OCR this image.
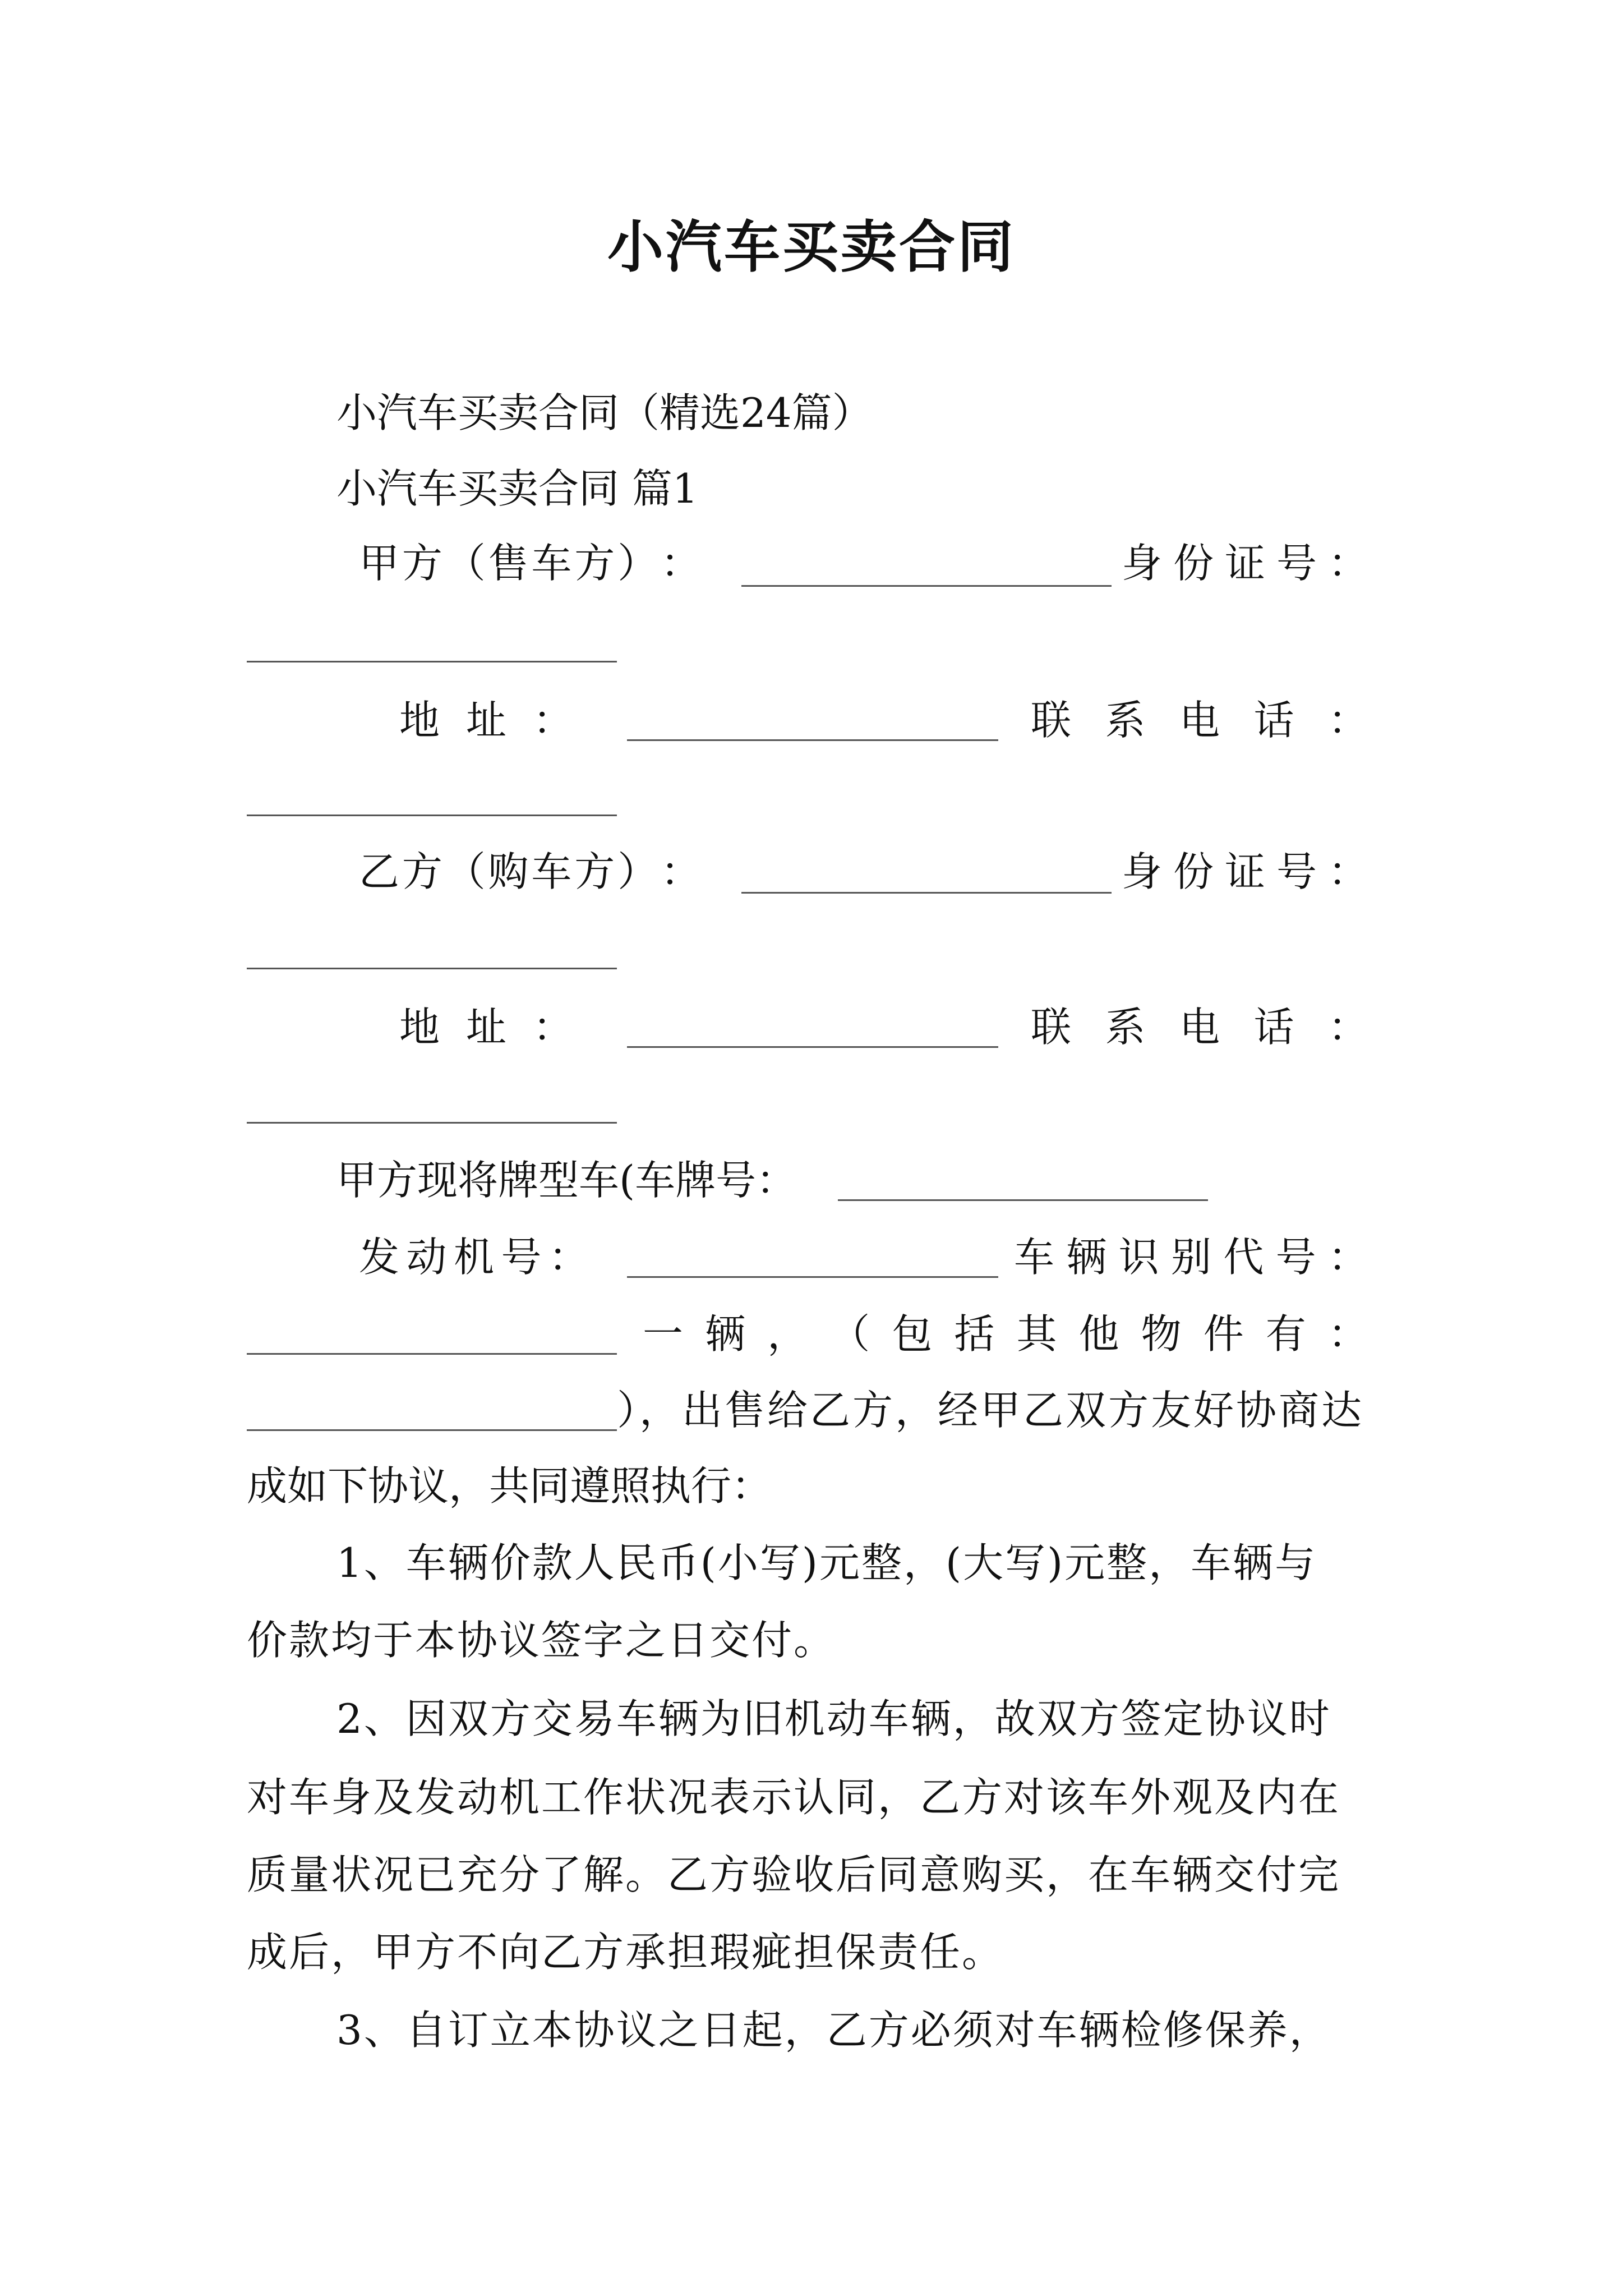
小汽车买卖合同
小汽车买卖合同（精选24篇）
小汽车买卖合同 篇1
甲 方 （ 售 车 方 ） ：	身 份 证 号 ：
地 址 ：	联 系 电 话 ：
乙 方 （ 购 车 方 ） ：	身 份 证 号 ：
地 址 ：	联 系 电 话 ：
甲方现将牌型车(车牌号：
发 动 机 号 ：	车 辆 识 别 代 号 ：
一 辆 ， （ 包 括 其 他 物 件 有 ：
），出售给乙方，经甲乙双方友好协商达
成如下协议，共同遵照执行：
1、车辆价款人民币(小写)元整，(大写)元整，车辆与
价款均于本协议签字之日交付。
2、因双方交易车辆为旧机动车辆，故双方签定协议时
对车身及发动机工作状况表示认同，乙方对该车外观及内在
质量状况已充分了解。乙方验收后同意购买，在车辆交付完
成后，甲方不向乙方承担瑕疵担保责任。
3、自订立本协议之日起，乙方必须对车辆检修保养，
